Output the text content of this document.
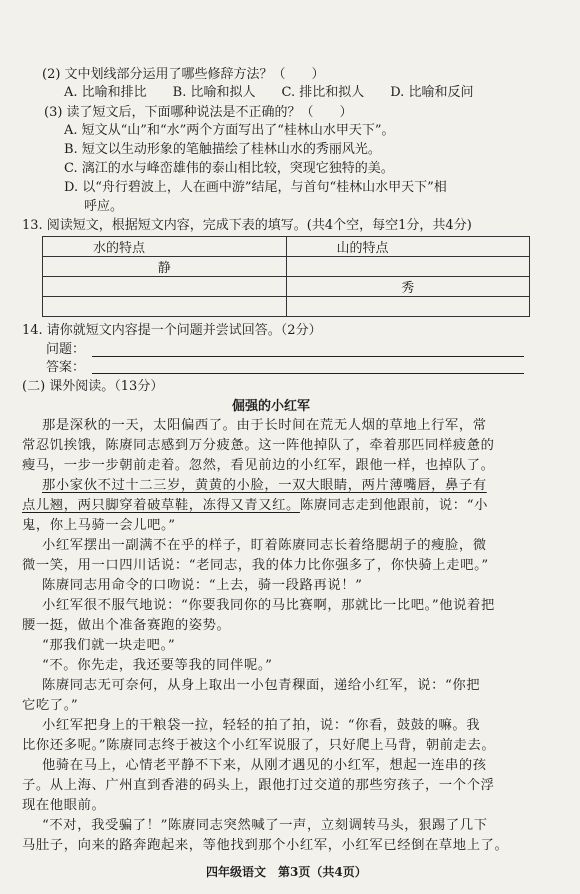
(2) 文中划线部分运用了哪些修辞方法？（　　）

A. 比喻和排比　　B. 比喻和拟人　　C. 排比和拟人　　D. 比喻和反问

(3) 读了短文后，下面哪种说法是不正确的？（　　）

A. 短文从“山”和“水”两个方面写出了“桂林山水甲天下”。

B. 短文以生动形象的笔触描绘了桂林山水的秀丽风光。

C. 漓江的水与峰峦雄伟的泰山相比较，突现它独特的美。

D. 以“舟行碧波上，人在画中游”结尾，与首句“桂林山水甲天下”相

呼应。

13. 阅读短文，根据短文内容，完成下表的填写。(共4个空，每空1分，共4分)

水的特点	山的特点
静	
	秀

14. 请你就短文内容提一个问题并尝试回答。（2分）

问题：

答案：

(二) 课外阅读。（13分）

倔强的小红军

那是深秋的一天，太阳偏西了。由于长时间在荒无人烟的草地上行军，常

常忍饥挨饿，陈赓同志感到万分疲惫。这一阵他掉队了，牵着那匹同样疲惫的

瘦马，一步一步朝前走着。忽然，看见前边的小红军，跟他一样，也掉队了。

那小家伙不过十二三岁，黄黄的小脸，一双大眼睛，两片薄嘴唇，鼻子有

点儿翘，两只脚穿着破草鞋，冻得又青又红。陈赓同志走到他跟前，说：“小

鬼，你上马骑一会儿吧。”

小红军摆出一副满不在乎的样子，盯着陈赓同志长着络腮胡子的瘦脸，微

微一笑，用一口四川话说：“老同志，我的体力比你强多了，你快骑上走吧。”

陈赓同志用命令的口吻说：“上去，骑一段路再说！”

小红军很不服气地说：“你要我同你的马比赛啊，那就比一比吧。”他说着把

腰一挺，做出个准备赛跑的姿势。

“那我们就一块走吧。”

“不。你先走，我还要等我的同伴呢。”

陈赓同志无可奈何，从身上取出一小包青稞面，递给小红军，说：“你把

它吃了。”

小红军把身上的干粮袋一拉，轻轻的拍了拍，说：“你看，鼓鼓的嘛。我

比你还多呢。”陈赓同志终于被这个小红军说服了，只好爬上马背，朝前走去。

他骑在马上，心情老平静不下来，从刚才遇见的小红军，想起一连串的孩

子。从上海、广州直到香港的码头上，跟他打过交道的那些穷孩子，一个个浮

现在他眼前。

“不对，我受骗了！”陈赓同志突然喊了一声，立刻调转马头，狠踢了几下

马肚子，向来的路奔跑起来，等他找到那个小红军，小红军已经倒在草地上了。

四年级语文　第3页（共4页）
